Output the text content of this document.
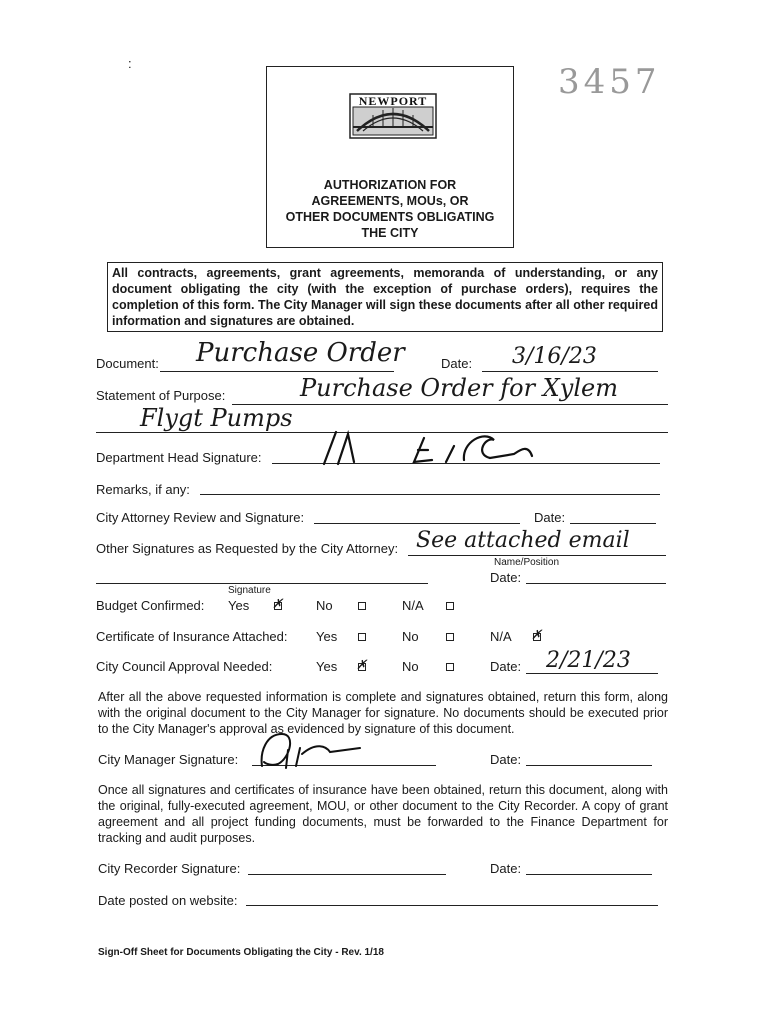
:	3457
NEWPORT
AUTHORIZATION FOR
AGREEMENTS, MOUs, OR
OTHER DOCUMENTS OBLIGATING
THE CITY
All contracts, agreements, grant agreements, memoranda of understanding, or any document obligating the city (with the exception of purchase orders), requires the completion of this form. The City Manager will sign these documents after all other required information and signatures are obtained.
Document: Purchase Order	Date: 3/16/23
Statement of Purpose:	Purchase Order for Xylem
Flygt Pumps
Department Head Signature:
Remarks, if any:
City Attorney Review and Signature:	Date:
Other Signatures as Requested by the City Attorney: See attached email
Name/Position
Signature
Date:
Budget Confirmed: Yes ✗	No	N/A
Certificate of Insurance Attached: Yes	No	N/A ✗
City Council Approval Needed:	Yes ✗	No	Date: 2/21/23
After all the above requested information is complete and signatures obtained, return this form, along with the original document to the City Manager for signature. No documents should be executed prior to the City Manager's approval as evidenced by signature of this document.
City Manager Signature:	Date:
Once all signatures and certificates of insurance have been obtained, return this document, along with the original, fully-executed agreement, MOU, or other document to the City Recorder. A copy of grant agreement and all project funding documents, must be forwarded to the Finance Department for tracking and audit purposes.
City Recorder Signature:	Date:
Date posted on website:
Sign-Off Sheet for Documents Obligating the City - Rev. 1/18
